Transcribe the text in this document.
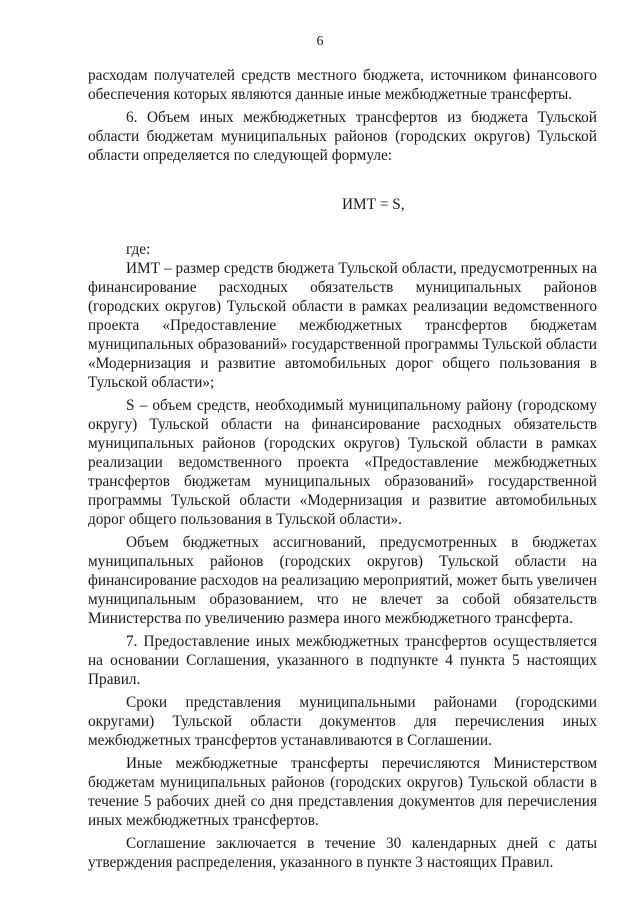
6

расходам получателей средств местного бюджета, источником финансового обеспечения которых являются данные иные межбюджетные трансферты.

6. Объем иных межбюджетных трансфертов из бюджета Тульской области бюджетам муниципальных районов (городских округов) Тульской области определяется по следующей формуле:

ИМТ = S,

где:

ИМТ – размер средств бюджета Тульской области, предусмотренных на финансирование расходных обязательств муниципальных районов (городских округов) Тульской области в рамках реализации ведомственного проекта «Предоставление межбюджетных трансфертов бюджетам муниципальных образований» государственной программы Тульской области «Модернизация и развитие автомобильных дорог общего пользования в Тульской области»;

S – объем средств, необходимый муниципальному району (городскому округу) Тульской области на финансирование расходных обязательств муниципальных районов (городских округов) Тульской области в рамках реализации ведомственного проекта «Предоставление межбюджетных трансфертов бюджетам муниципальных образований» государственной программы Тульской области «Модернизация и развитие автомобильных дорог общего пользования в Тульской области».

Объем бюджетных ассигнований, предусмотренных в бюджетах муниципальных районов (городских округов) Тульской области на финансирование расходов на реализацию мероприятий, может быть увеличен муниципальным образованием, что не влечет за собой обязательств Министерства по увеличению размера иного межбюджетного трансферта.

7. Предоставление иных межбюджетных трансфертов осуществляется на основании Соглашения, указанного в подпункте 4 пункта 5 настоящих Правил.

Сроки представления муниципальными районами (городскими округами) Тульской области документов для перечисления иных межбюджетных трансфертов устанавливаются в Соглашении.

Иные межбюджетные трансферты перечисляются Министерством бюджетам муниципальных районов (городских округов) Тульской области в течение 5 рабочих дней со дня представления документов для перечисления иных межбюджетных трансфертов.

Соглашение заключается в течение 30 календарных дней с даты утверждения распределения, указанного в пункте 3 настоящих Правил.
